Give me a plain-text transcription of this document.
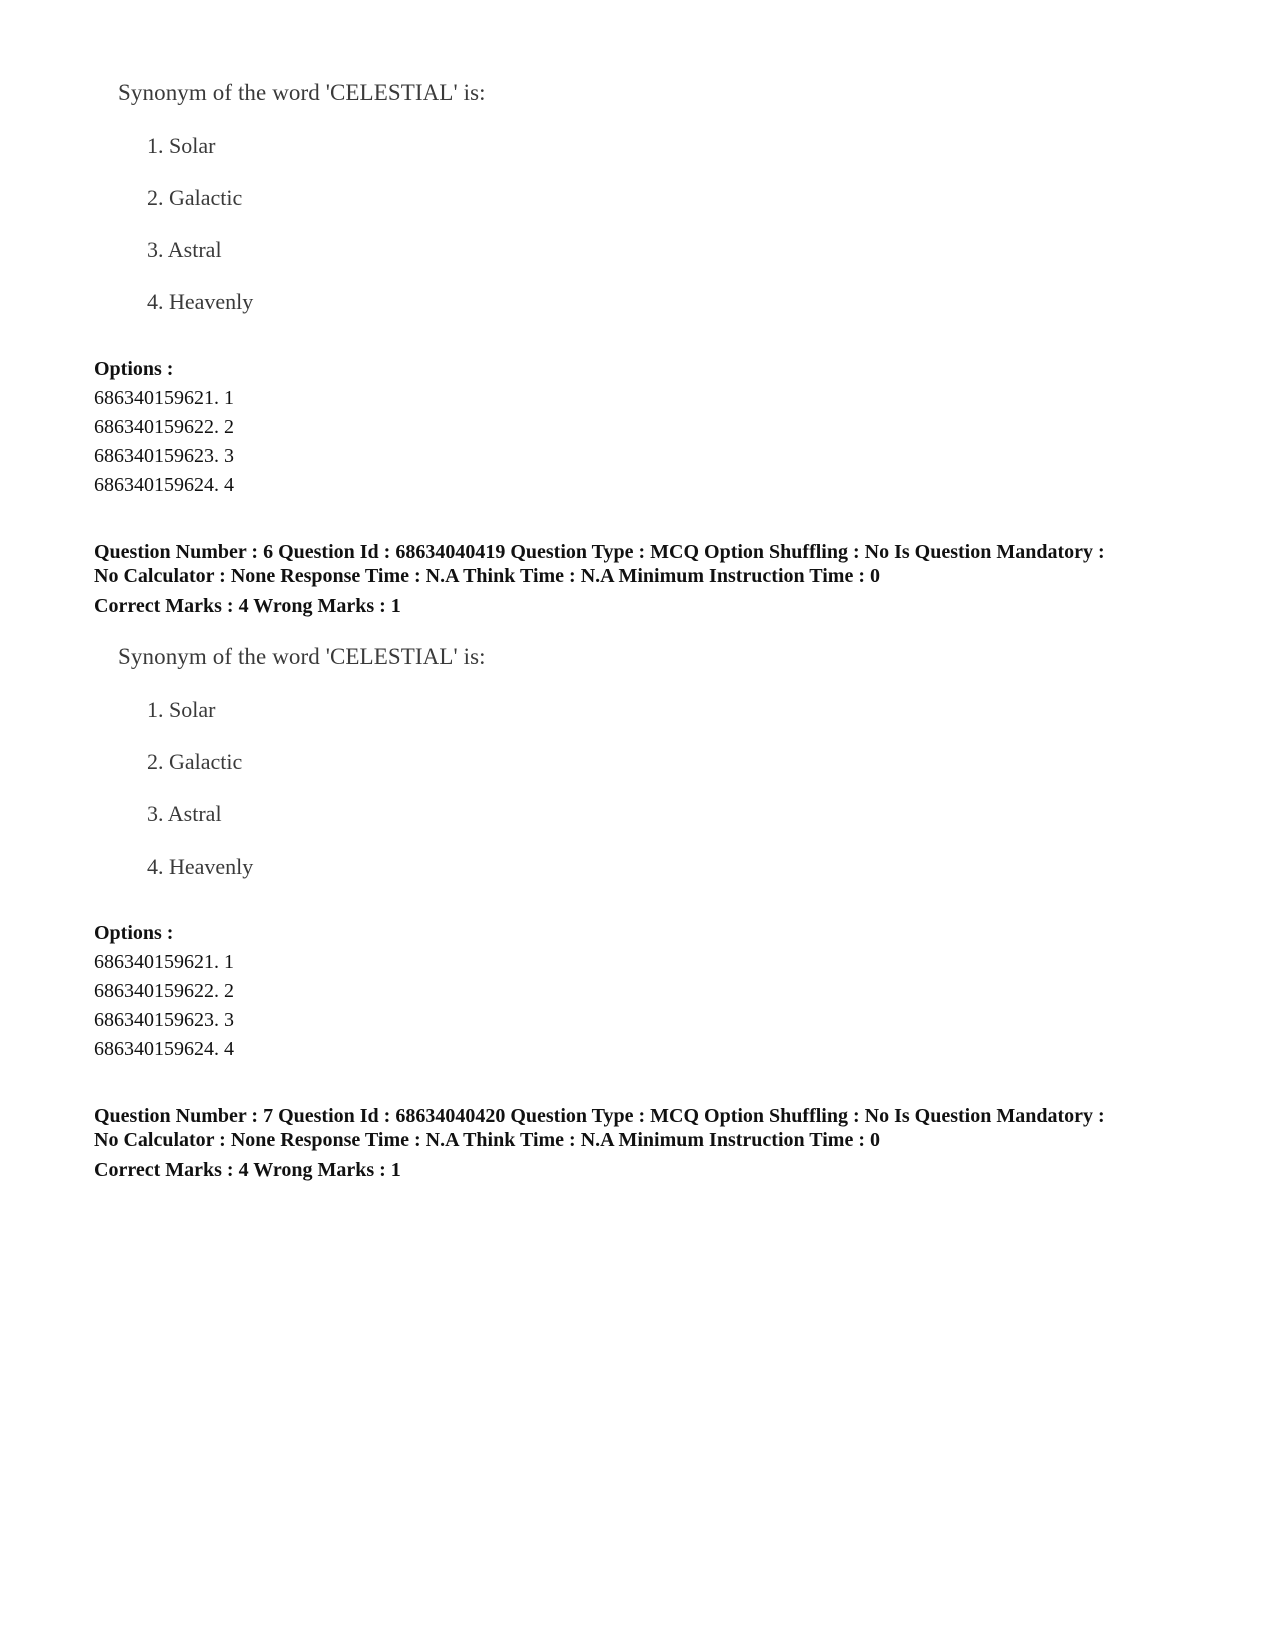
Synonym of the word 'CELESTIAL' is:
1. Solar
2. Galactic
3. Astral
4. Heavenly
Options :
686340159621. 1
686340159622. 2
686340159623. 3
686340159624. 4
Question Number : 6 Question Id : 68634040419 Question Type : MCQ Option Shuffling : No Is Question Mandatory :
No Calculator : None Response Time : N.A Think Time : N.A Minimum Instruction Time : 0
Correct Marks : 4 Wrong Marks : 1
Synonym of the word 'CELESTIAL' is:
1. Solar
2. Galactic
3. Astral
4. Heavenly
Options :
686340159621. 1
686340159622. 2
686340159623. 3
686340159624. 4
Question Number : 7 Question Id : 68634040420 Question Type : MCQ Option Shuffling : No Is Question Mandatory :
No Calculator : None Response Time : N.A Think Time : N.A Minimum Instruction Time : 0
Correct Marks : 4 Wrong Marks : 1
